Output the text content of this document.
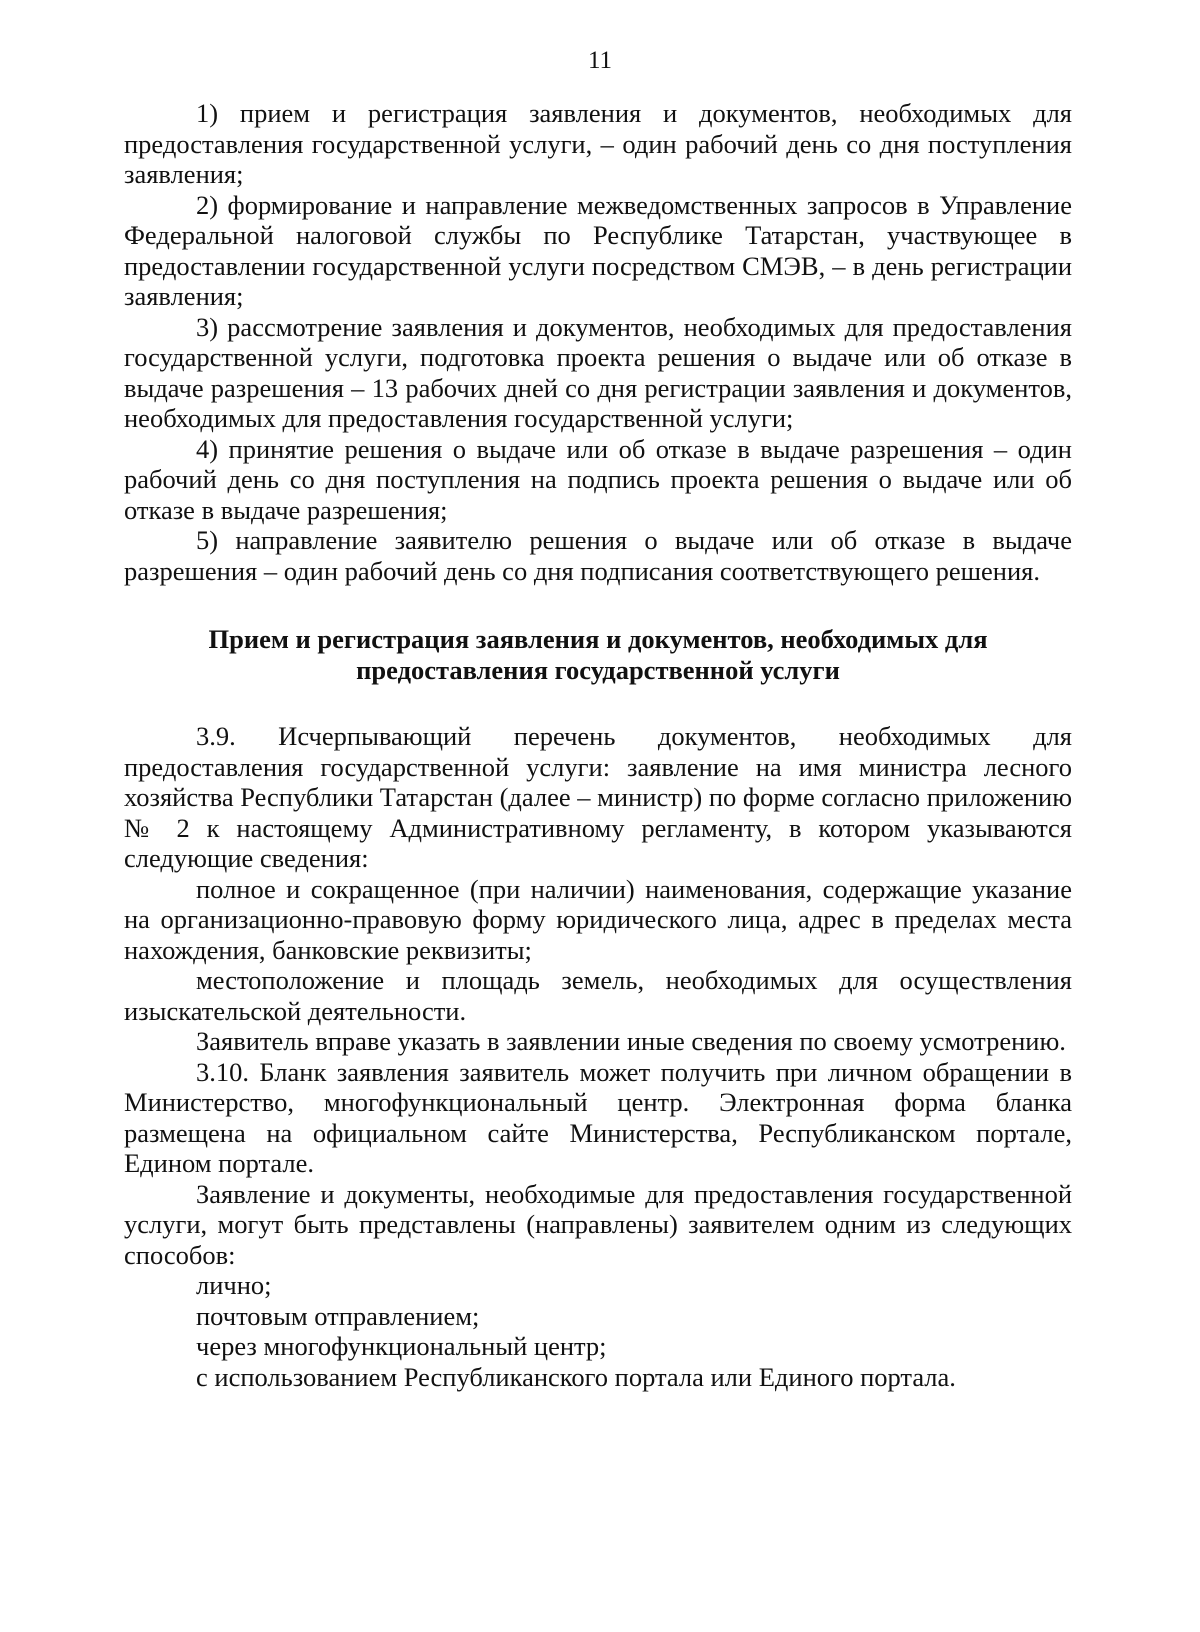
11

1) прием и регистрация заявления и документов, необходимых для предоставления государственной услуги, – один рабочий день со дня поступления заявления;

2) формирование и направление межведомственных запросов в Управление Федеральной налоговой службы по Республике Татарстан, участвующее в предоставлении государственной услуги посредством СМЭВ, – в день регистрации заявления;

3) рассмотрение заявления и документов, необходимых для предоставления государственной услуги, подготовка проекта решения о выдаче или об отказе в выдаче разрешения – 13 рабочих дней со дня регистрации заявления и документов, необходимых для предоставления государственной услуги;

4) принятие решения о выдаче или об отказе в выдаче разрешения – один рабочий день со дня поступления на подпись проекта решения о выдаче или об отказе в выдаче разрешения;

5) направление заявителю решения о выдаче или об отказе в выдаче разрешения – один рабочий день со дня подписания соответствующего решения.

Прием и регистрация заявления и документов, необходимых для
предоставления государственной услуги

3.9. Исчерпывающий перечень документов, необходимых для предоставления государственной услуги: заявление на имя министра лесного хозяйства Республики Татарстан (далее – министр) по форме согласно приложению № 2 к настоящему Административному регламенту, в котором указываются следующие сведения:

полное и сокращенное (при наличии) наименования, содержащие указание на организационно-правовую форму юридического лица, адрес в пределах места нахождения, банковские реквизиты;

местоположение и площадь земель, необходимых для осуществления изыскательской деятельности.

Заявитель вправе указать в заявлении иные сведения по своему усмотрению.

3.10. Бланк заявления заявитель может получить при личном обращении в Министерство, многофункциональный центр. Электронная форма бланка размещена на официальном сайте Министерства, Республиканском портале, Едином портале.

Заявление и документы, необходимые для предоставления государственной услуги, могут быть представлены (направлены) заявителем одним из следующих способов:

лично;

почтовым отправлением;

через многофункциональный центр;

с использованием Республиканского портала или Единого портала.
